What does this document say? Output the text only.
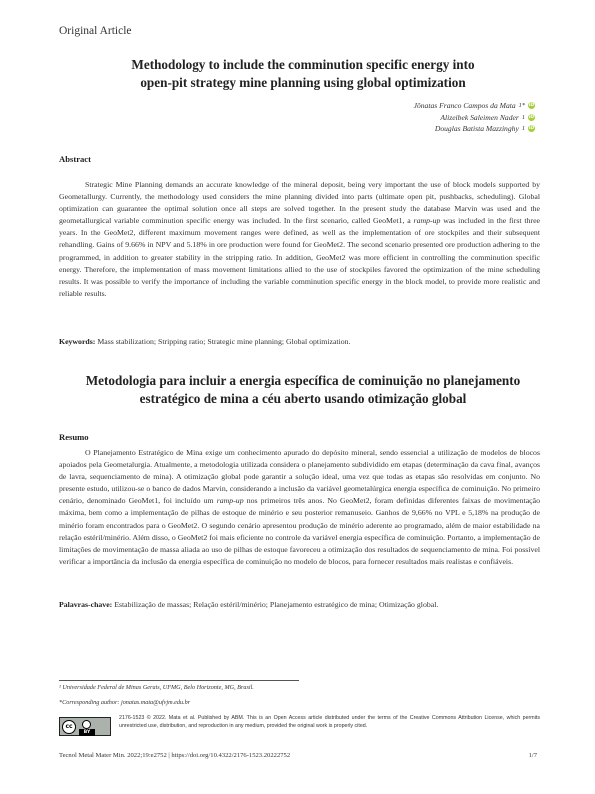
Original Article
Methodology to include the comminution specific energy into
open-pit strategy mine planning using global optimization
Jônatas Franco Campos da Mata 1* iD
Alizeibek Saleimen Nader 1 iD
Douglas Batista Mazzinghy 1 iD
Abstract

Strategic Mine Planning demands an accurate knowledge of the mineral deposit, being very important the use of block models supported by Geometallurgy. Currently, the methodology used considers the mine planning divided into parts (ultimate open pit, pushbacks, scheduling). Global optimization can guarantee the optimal solution once all steps are solved together. In the present study the database Marvin was used and the geometallurgical variable comminution specific energy was included. In the first scenario, called GeoMet1, a ramp-up was included in the first three years. In the GeoMet2, different maximum movement ranges were defined, as well as the implementation of ore stockpiles and their subsequent rehandling. Gains of 9.66% in NPV and 5.18% in ore production were found for GeoMet2. The second scenario presented ore production adhering to the programmed, in addition to greater stability in the stripping ratio. In addition, GeoMet2 was more efficient in controlling the comminution specific energy. Therefore, the implementation of mass movement limitations allied to the use of stockpiles favored the optimization of the mine scheduling results. It was possible to verify the importance of including the variable comminution specific energy in the block model, to provide more realistic and reliable results.

Keywords: Mass stabilization; Stripping ratio; Strategic mine planning; Global optimization.
Metodologia para incluir a energia específica de cominuição no planejamento
estratégico de mina a céu aberto usando otimização global
Resumo

O Planejamento Estratégico de Mina exige um conhecimento apurado do depósito mineral, sendo essencial a utilização de modelos de blocos apoiados pela Geometalurgia. Atualmente, a metodologia utilizada considera o planejamento subdividido em etapas (determinação da cava final, avanços de lavra, sequenciamento de mina). A otimização global pode garantir a solução ideal, uma vez que todas as etapas são resolvidas em conjunto. No presente estudo, utilizou-se o banco de dados Marvin, considerando a inclusão da variável geometalúrgica energia específica de cominuição. No primeiro cenário, denominado GeoMet1, foi incluído um ramp-up nos primeiros três anos. No GeoMet2, foram definidas diferentes faixas de movimentação máxima, bem como a implementação de pilhas de estoque de minério e seu posterior remanuseio. Ganhos de 9,66% no VPL e 5,18% na produção de minério foram encontrados para o GeoMet2. O segundo cenário apresentou produção de minério aderente ao programado, além de maior estabilidade na relação estéril/minério. Além disso, o GeoMet2 foi mais eficiente no controle da variável energia específica de cominuição. Portanto, a implementação de limitações de movimentação de massa aliada ao uso de pilhas de estoque favoreceu a otimização dos resultados de sequenciamento de mina. Foi possível verificar a importância da inclusão da energia específica de cominuição no modelo de blocos, para fornecer resultados mais realistas e confiáveis.

Palavras-chave: Estabilização de massas; Relação estéril/minério; Planejamento estratégico de mina; Otimização global.
¹ Universidade Federal de Minas Gerais, UFMG, Belo Horizonte, MG, Brasil.
*Corresponding author: jonatas.mata@ufvjm.edu.br
cc
BY
2176-1523 © 2022. Mata et al. Published by ABM. This is an Open Access article distributed under the terms of the Creative Commons Attribution License, which permits unrestricted use, distribution, and reproduction in any medium, provided the original work is properly cited.
Tecnol Metal Mater Min. 2022;19:e2752 | https://doi.org/10.4322/2176-1523.20222752	1/7
